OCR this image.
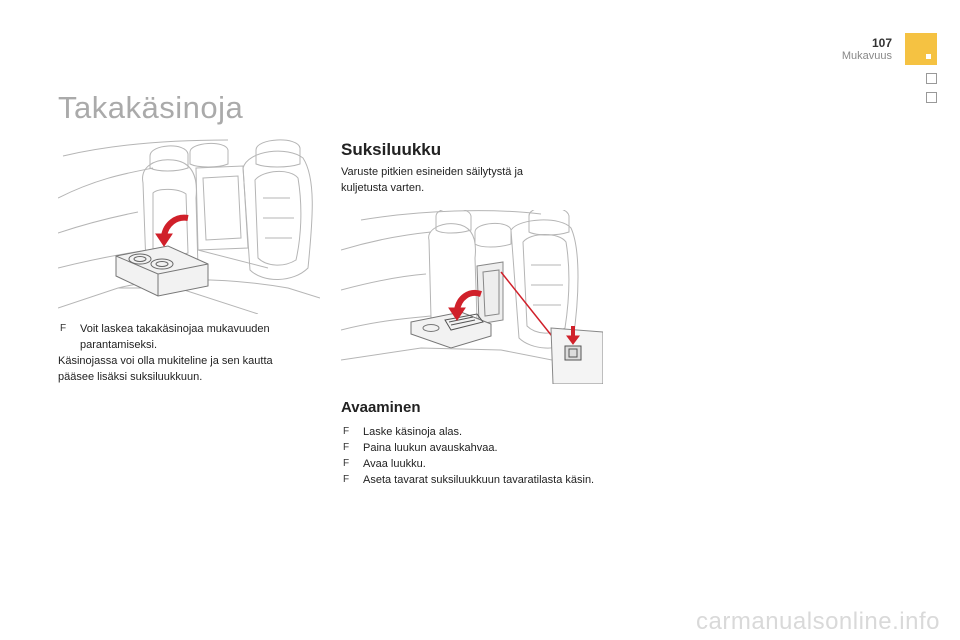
107
Mukavuus
Takakäsinoja
F	Voit laskea takakäsinojaa mukavuuden parantamiseksi.
Käsinojassa voi olla mukiteline ja sen kautta
pääsee lisäksi suksiluukkuun.
Suksiluukku
Varuste pitkien esineiden säilytystä ja
kuljetusta varten.
Avaaminen
F	Laske käsinoja alas.
F	Paina luukun avauskahvaa.
F	Avaa luukku.
F	Aseta tavarat suksiluukkuun tavaratilasta käsin.
carmanualsonline.info
